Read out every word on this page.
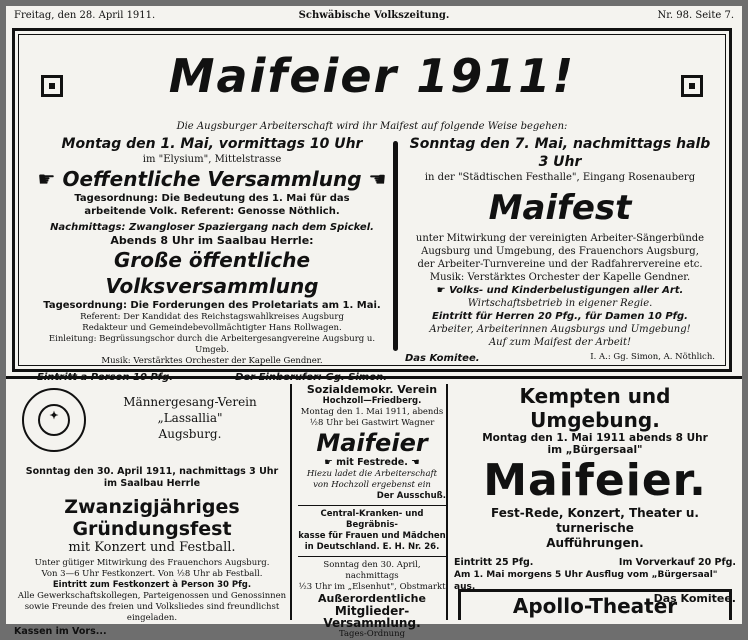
Freitag, den 28. April 1911.	Schwäbische Volkszeitung.	Nr. 98. Seite 7.
Maifeier 1911!
Die Augsburger Arbeiterschaft wird ihr Maifest auf folgende Weise begehen:
Montag den 1. Mai, vormittags 10 Uhr
im "Elysium", Mittelstrasse
☛ Oeffentliche Versammlung ☚
Tagesordnung: Die Bedeutung des 1. Mai für das
arbeitende Volk. Referent: Genosse Nöthlich.
Nachmittags: Zwangloser Spaziergang nach dem Spickel.
Abends 8 Uhr im Saalbau Herrle:
Große öffentliche Volksversammlung
Tagesordnung: Die Forderungen des Proletariats am 1. Mai.
Referent: Der Kandidat des Reichstagswahlkreises Augsburg
Redakteur und Gemeindebevollmächtigter Hans Rollwagen.
Einleitung: Begrüssungschor durch die Arbeitergesangvereine Augsburg u. Umgeb.
Musik: Verstärktes Orchester der Kapelle Gendner.
Sonntag den 7. Mai, nachmittags halb 3 Uhr
in der "Städtischen Festhalle", Eingang Rosenauberg
Maifest
unter Mitwirkung der vereinigten Arbeiter-Sängerbünde
Augsburg und Umgebung, des Frauenchors Augsburg,
der Arbeiter-Turnvereine und der Radfahrervereine etc.
Musik: Verstärktes Orchester der Kapelle Gendner.
☛ Volks- und Kinderbelustigungen aller Art.
Wirtschaftsbetrieb in eigener Regie.
Eintritt für Herren 20 Pfg., für Damen 10 Pfg.
Arbeiter, Arbeiterinnen Augsburgs und Umgebung!
Auf zum Maifest der Arbeit!
Das Komitee.	I. A.: Gg. Simon, A. Nöthlich.
✦
Männergesang-Verein „Lassallia"
Augsburg.
Sonntag den 30. April 1911, nachmittags 3 Uhr
im Saalbau Herrle
Zwanzigjähriges Gründungsfest
mit Konzert und Festball.
Unter gütiger Mitwirkung des Frauenchors Augsburg.
Von 3—6 Uhr Festkonzert. Von ½8 Uhr ab Festball.
Eintritt zum Festkonzert à Person 30 Pfg.
Alle Gewerkschaftskollegen, Parteigenossen und Genossinnen
sowie Freunde des freien und Volksliedes sind freundlichst
eingeladen.
Kassen im Vors...
Sozialdemokr. Verein
Hochzoll—Friedberg.
Montag den 1. Mai 1911, abends
½8 Uhr bei Gastwirt Wagner
Maifeier
☛ mit Festrede. ☚
Hiezu ladet die Arbeiterschaft
von Hochzoll ergebenst ein
Der Ausschuß.
Central-Kranken- und Begräbnis-
kasse für Frauen und Mädchen
in Deutschland. E. H. Nr. 26.
Sonntag den 30. April, nachmittags
½3 Uhr im „Elsenhut", Obstmarkt
Außerordentliche
Mitglieder-Versammlung.
Tages-Ordnung
Kempten und Umgebung.
Montag den 1. Mai 1911 abends 8 Uhr
im „Bürgersaal"
Maifeier.
Fest-Rede, Konzert, Theater u. turnerische
Aufführungen.
Eintritt 25 Pfg.	Im Vorverkauf 20 Pfg.
Am 1. Mai morgens 5 Uhr Ausflug vom „Bürgersaal" aus.
Das Komitee.
Apollo-Theater
